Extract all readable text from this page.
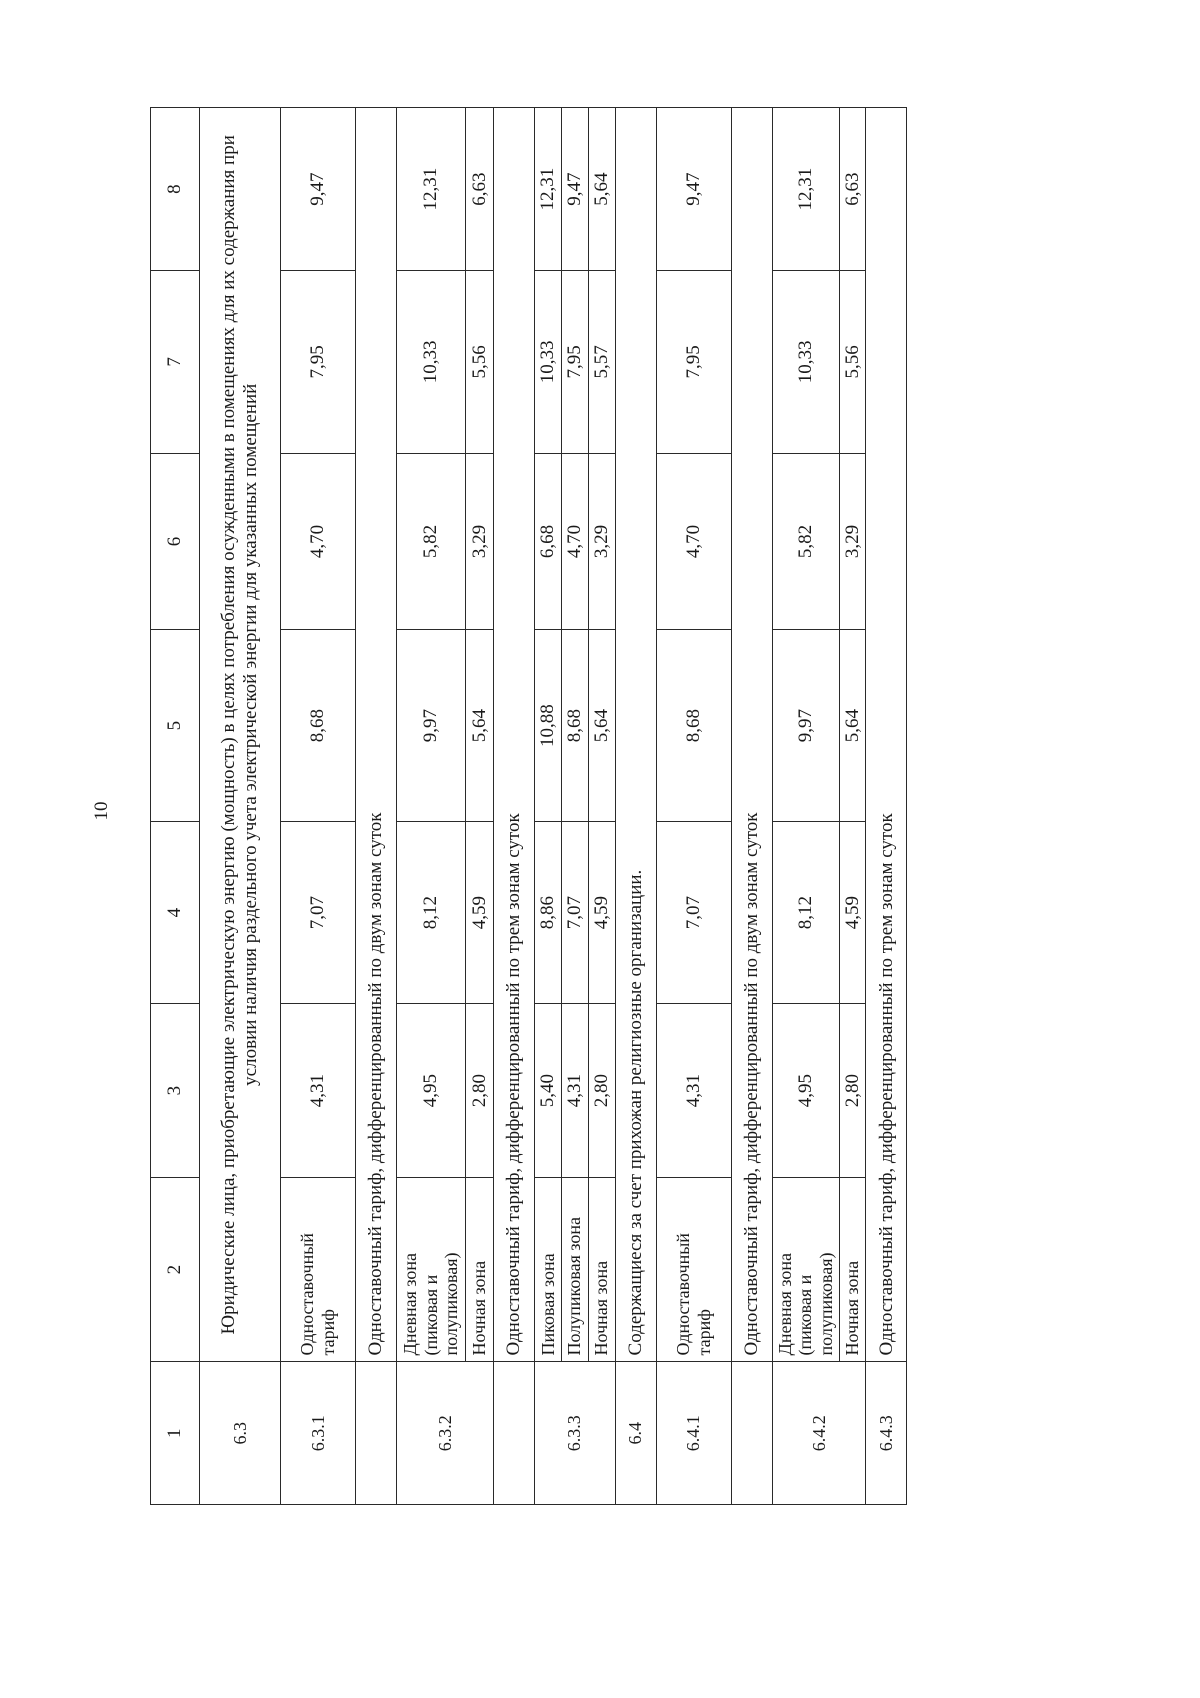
10
1	2	3	4	5	6	7	8
6.3	Юридические лица, приобретающие электрическую энергию (мощность) в целях потребления осужденными в помещениях для их содержания при условии наличия раздельного учета электрической энергии для указанных помещений						
6.3.1	Одноставочный тариф	4,31	7,07	8,68	4,70	7,95	9,47
	Одноставочный тариф, дифференцированный по двум зонам суток						
6.3.2	Дневная зона (пиковая и полупиковая)	4,95	8,12	9,97	5,82	10,33	12,31
	Ночная зона	2,80	4,59	5,64	3,29	5,56	6,63
	Одноставочный тариф, дифференцированный по трем зонам суток						
6.3.3	Пиковая зона	5,40	8,86	10,88	6,68	10,33	12,31
	Полупиковая зона	4,31	7,07	8,68	4,70	7,95	9,47
	Ночная зона	2,80	4,59	5,64	3,29	5,57	5,64
6.4	Содержащиеся за счет прихожан религиозные организации.						
6.4.1	Одноставочный тариф	4,31	7,07	8,68	4,70	7,95	9,47
	Одноставочный тариф, дифференцированный по двум зонам суток						
6.4.2	Дневная зона (пиковая и полупиковая)	4,95	8,12	9,97	5,82	10,33	12,31
	Ночная зона	2,80	4,59	5,64	3,29	5,56	6,63
6.4.3	Одноставочный тариф, дифференцированный по трем зонам суток						
